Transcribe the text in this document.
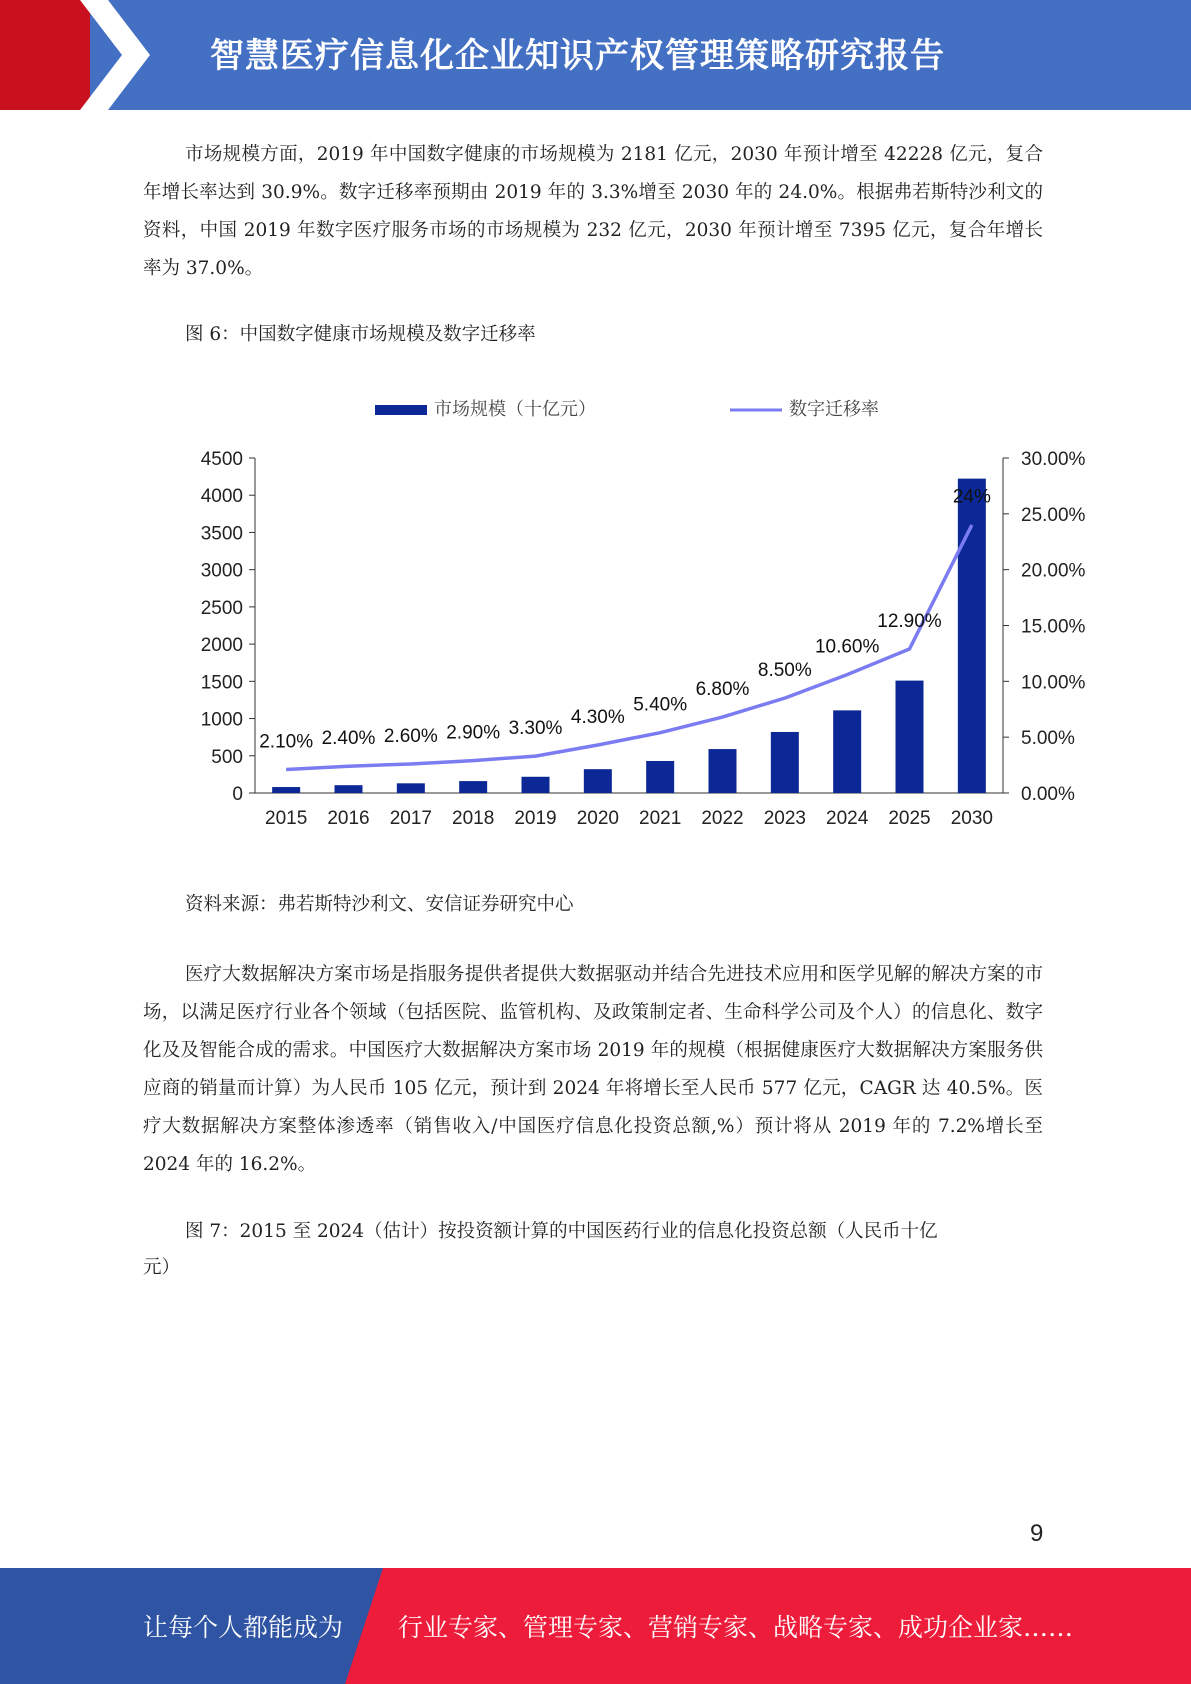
智慧医疗信息化企业知识产权管理策略研究报告

市场规模方面，2019 年中国数字健康的市场规模为 2181 亿元，2030 年预计增至 42228 亿元，复合年增长率达到 30.9%。数字迁移率预期由 2019 年的 3.3%增至 2030 年的 24.0%。根据弗若斯特沙利文的资料，中国 2019 年数字医疗服务市场的市场规模为 232 亿元，2030 年预计增至 7395 亿元，复合年增长率为 37.0%。

图 6：中国数字健康市场规模及数字迁移率
市场规模（十亿元）	数字迁移率
0
500
1000
1500
2000
2500
3000
3500
4000
4500
0.00%
5.00%
10.00%
15.00%
20.00%
25.00%
30.00%
2015 2016 2017 2018 2019 2020 2021 2022 2023 2024 2025 2030
2.10% 2.40% 2.60% 2.90% 3.30%
4.30%
5.40%
6.80%
8.50%
10.60%
12.90%
24%
资料来源：弗若斯特沙利文、安信证券研究中心

医疗大数据解决方案市场是指服务提供者提供大数据驱动并结合先进技术应用和医学见解的解决方案的市场，以满足医疗行业各个领域（包括医院、监管机构、及政策制定者、生命科学公司及个人）的信息化、数字化及及智能合成的需求。中国医疗大数据解决方案市场 2019 年的规模（根据健康医疗大数据解决方案服务供应商的销量而计算）为人民币 105 亿元，预计到 2024 年将增长至人民币 577 亿元，CAGR 达 40.5%。医疗大数据解决方案整体渗透率（销售收入/中国医疗信息化投资总额,%）预计将从 2019 年的 7.2%增长至 2024 年的 16.2%。

图 7：2015 至 2024（估计）按投资额计算的中国医药行业的信息化投资总额（人民币十亿
元）
9
让每个人都能成为 行业专家、管理专家、营销专家、战略专家、成功企业家……
